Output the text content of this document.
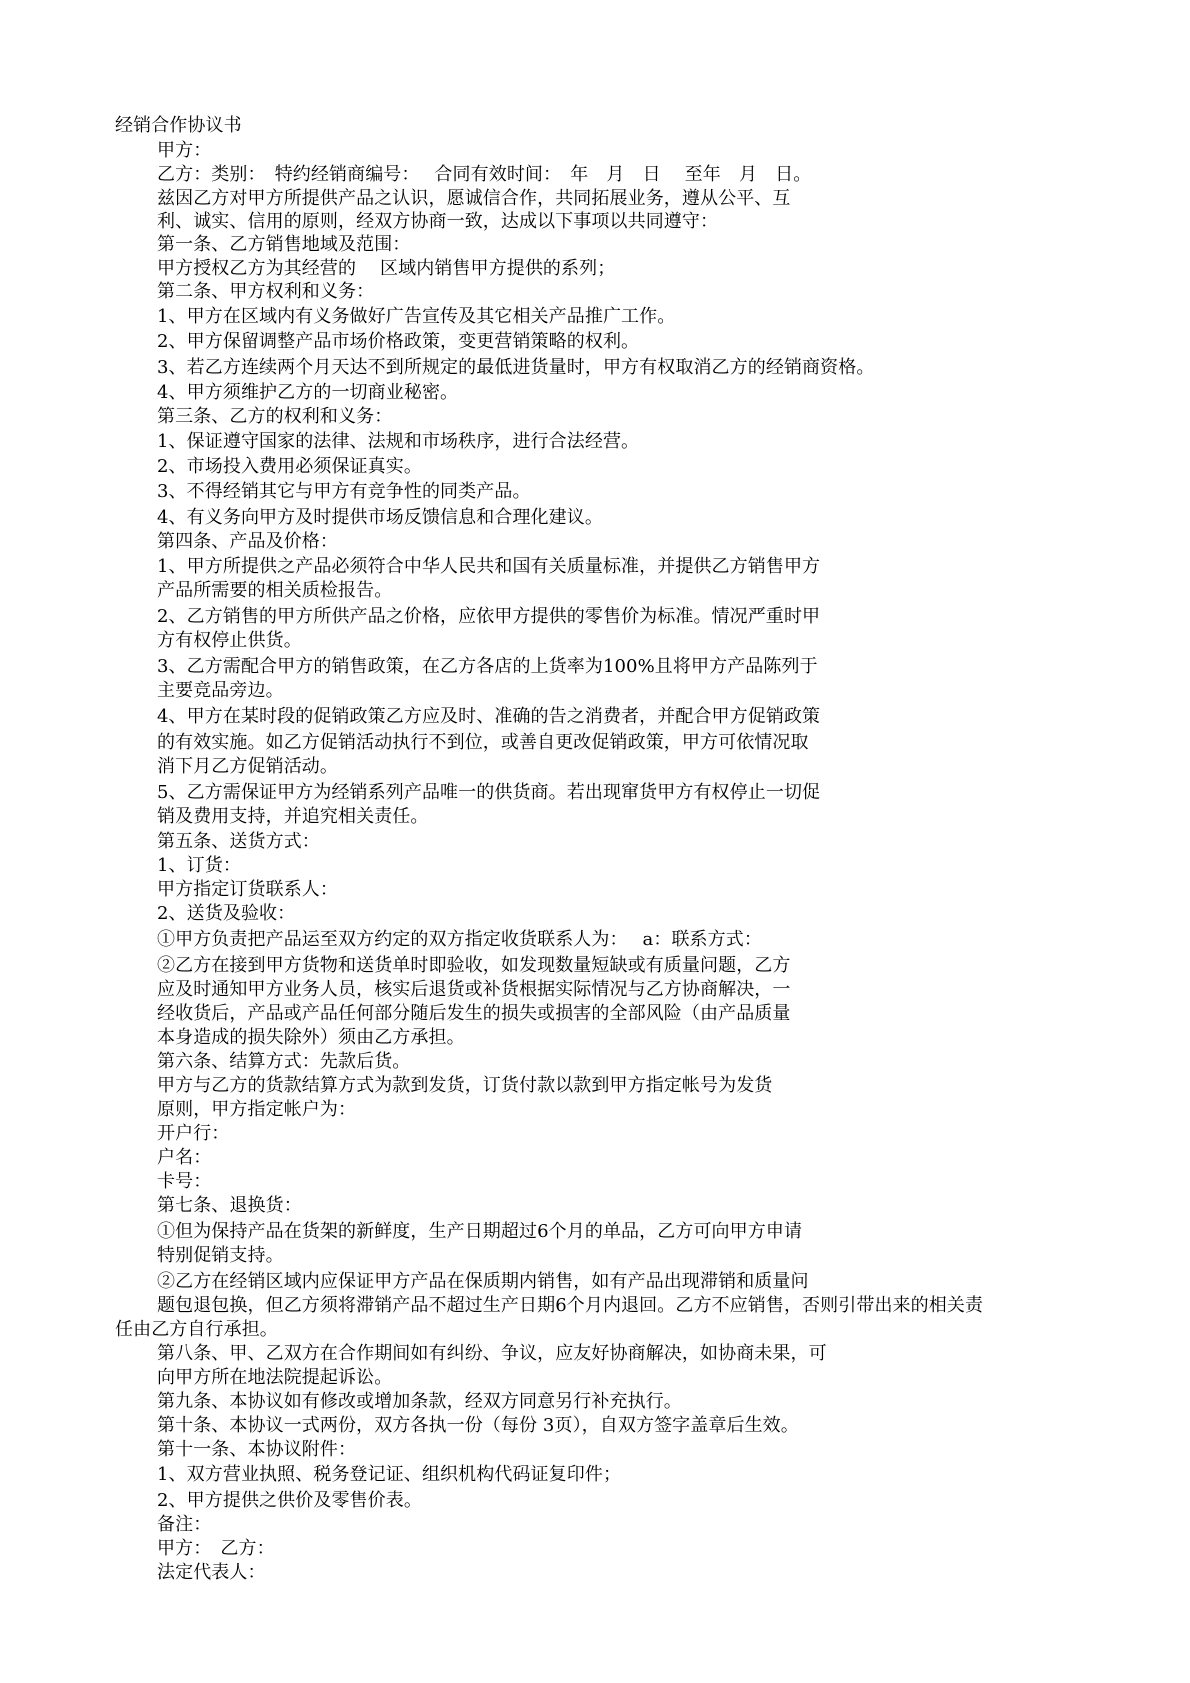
经销合作协议书
甲方：
乙方：类别：　特约经销商编号：　 合同有效时间：　年　月　日　 至年　月　日。
兹因乙方对甲方所提供产品之认识，愿诚信合作，共同拓展业务，遵从公平、互
利、诚实、信用的原则，经双方协商一致，达成以下事项以共同遵守：
第一条、乙方销售地域及范围：
甲方授权乙方为其经营的　 区域内销售甲方提供的系列；
第二条、甲方权利和义务：
1、甲方在区域内有义务做好广告宣传及其它相关产品推广工作。
2、甲方保留调整产品市场价格政策，变更营销策略的权利。
3、若乙方连续两个月天达不到所规定的最低进货量时，甲方有权取消乙方的经销商资格。
4、甲方须维护乙方的一切商业秘密。
第三条、乙方的权利和义务：
1、保证遵守国家的法律、法规和市场秩序，进行合法经营。
2、市场投入费用必须保证真实。
3、不得经销其它与甲方有竞争性的同类产品。
4、有义务向甲方及时提供市场反馈信息和合理化建议。
第四条、产品及价格：
1、甲方所提供之产品必须符合中华人民共和国有关质量标准，并提供乙方销售甲方
产品所需要的相关质检报告。
2、乙方销售的甲方所供产品之价格，应依甲方提供的零售价为标准。情况严重时甲
方有权停止供货。
3、乙方需配合甲方的销售政策，在乙方各店的上货率为100%且将甲方产品陈列于
主要竞品旁边。
4、甲方在某时段的促销政策乙方应及时、准确的告之消费者，并配合甲方促销政策
的有效实施。如乙方促销活动执行不到位，或善自更改促销政策，甲方可依情况取
消下月乙方促销活动。
5、乙方需保证甲方为经销系列产品唯一的供货商。若出现窜货甲方有权停止一切促
销及费用支持，并追究相关责任。
第五条、送货方式：
1、订货：
甲方指定订货联系人：
2、送货及验收：
①甲方负责把产品运至双方约定的双方指定收货联系人为：　 a：联系方式：
②乙方在接到甲方货物和送货单时即验收，如发现数量短缺或有质量问题，乙方
应及时通知甲方业务人员，核实后退货或补货根据实际情况与乙方协商解决，一
经收货后，产品或产品任何部分随后发生的损失或损害的全部风险（由产品质量
本身造成的损失除外）须由乙方承担。
第六条、结算方式：先款后货。
甲方与乙方的货款结算方式为款到发货，订货付款以款到甲方指定帐号为发货
原则，甲方指定帐户为：
开户行：
户名：
卡号：
第七条、退换货：
①但为保持产品在货架的新鲜度，生产日期超过6个月的单品，乙方可向甲方申请
特别促销支持。
②乙方在经销区域内应保证甲方产品在保质期内销售，如有产品出现滞销和质量问
题包退包换，但乙方须将滞销产品不超过生产日期6个月内退回。乙方不应销售，否则引带出来的相关责
任由乙方自行承担。
第八条、甲、乙双方在合作期间如有纠纷、争议，应友好协商解决，如协商未果，可
向甲方所在地法院提起诉讼。
第九条、本协议如有修改或增加条款，经双方同意另行补充执行。
第十条、本协议一式两份，双方各执一份（每份 3页），自双方签字盖章后生效。
第十一条、本协议附件：
1、双方营业执照、税务登记证、组织机构代码证复印件；
2、甲方提供之供价及零售价表。
备注：
甲方：　乙方：
法定代表人：
